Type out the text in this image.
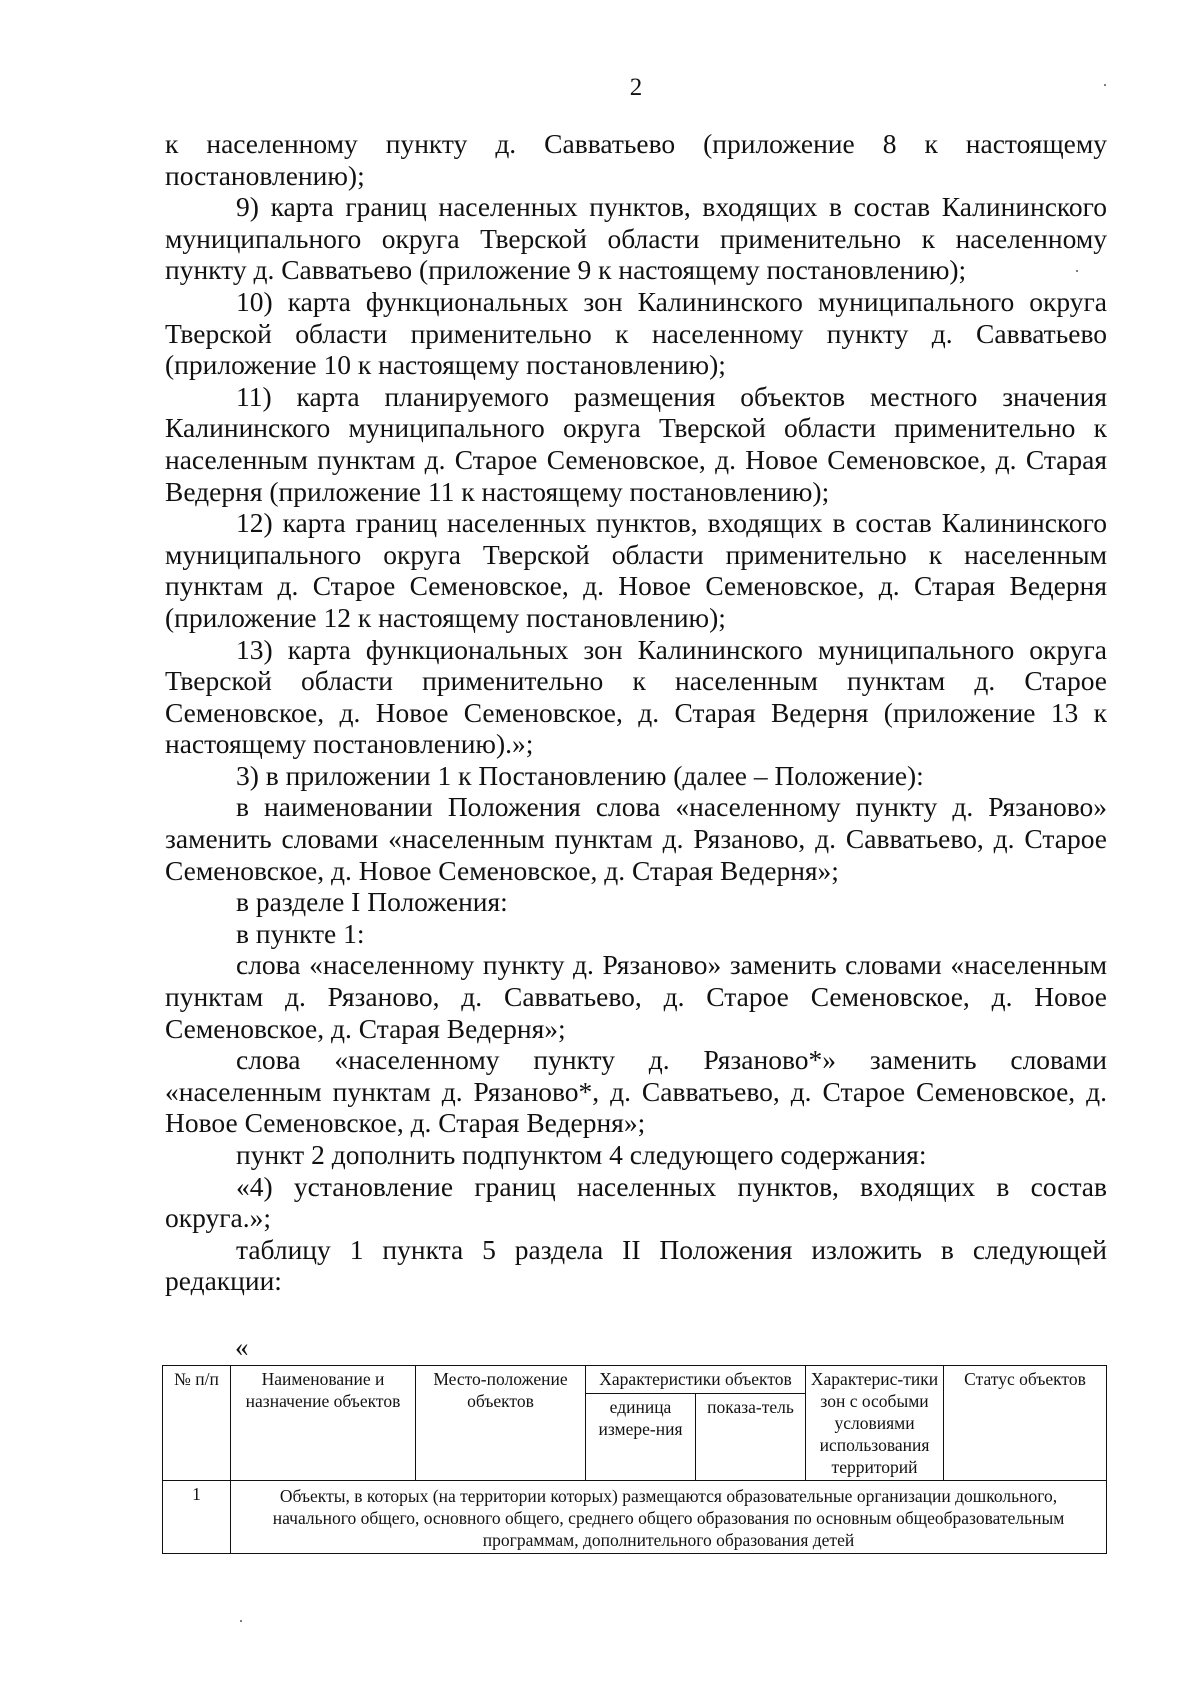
2

к населенному пункту д. Савватьево (приложение 8 к настоящему постановлению);

9) карта границ населенных пунктов, входящих в состав Калининского муниципального округа Тверской области применительно к населенному пункту д. Савватьево (приложение 9 к настоящему постановлению);

10) карта функциональных зон Калининского муниципального округа Тверской области применительно к населенному пункту д. Савватьево (приложение 10 к настоящему постановлению);

11) карта планируемого размещения объектов местного значения Калининского муниципального округа Тверской области применительно к населенным пунктам д. Старое Семеновское, д. Новое Семеновское, д. Старая Ведерня (приложение 11 к настоящему постановлению);

12) карта границ населенных пунктов, входящих в состав Калининского муниципального округа Тверской области применительно к населенным пунктам д. Старое Семеновское, д. Новое Семеновское, д. Старая Ведерня (приложение 12 к настоящему постановлению);

13) карта функциональных зон Калининского муниципального округа Тверской области применительно к населенным пунктам д. Старое Семеновское, д. Новое Семеновское, д. Старая Ведерня (приложение 13 к настоящему постановлению).»;

3) в приложении 1 к Постановлению (далее – Положение):

в наименовании Положения слова «населенному пункту д. Рязаново» заменить словами «населенным пунктам д. Рязаново, д. Савватьево, д. Старое Семеновское, д. Новое Семеновское, д. Старая Ведерня»;

в разделе I Положения:

в пункте 1:

слова «населенному пункту д. Рязаново» заменить словами «населенным пунктам д. Рязаново, д. Савватьево, д. Старое Семеновское, д. Новое Семеновское, д. Старая Ведерня»;

слова «населенному пункту д. Рязаново*» заменить словами «населенным пунктам д. Рязаново*, д. Савватьево, д. Старое Семеновское, д. Новое Семеновское, д. Старая Ведерня»;

пункт 2 дополнить подпунктом 4 следующего содержания:

«4) установление границ населенных пунктов, входящих в состав округа.»;

таблицу 1 пункта 5 раздела II Положения изложить в следующей редакции:

«
№ п/п	Наименование и назначение объектов	Место-положение объектов	Характеристики объектов		Характерис-тики зон с особыми условиями использования территорий	Статус объектов
			единица измере-ния	показа-тель		
1	Объекты, в которых (на территории которых) размещаются образовательные организации дошкольного, начального общего, основного общего, среднего общего образования по основным общеобразовательным программам, дополнительного образования детей					
